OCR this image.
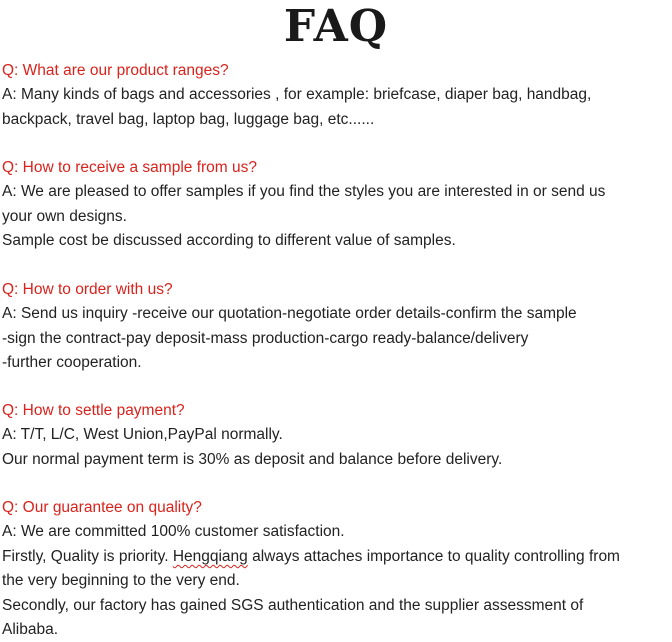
FAQ
Q: What are our product ranges?
A: Many kinds of bags and accessories , for example: briefcase, diaper bag, handbag,
backpack, travel bag, laptop bag, luggage bag, etc......
Q: How to receive a sample from us?
A: We are pleased to offer samples if you find the styles you are interested in or send us
your own designs.
Sample cost be discussed according to different value of samples.
Q: How to order with us?
A: Send us inquiry -receive our quotation-negotiate order details-confirm the sample
-sign the contract-pay deposit-mass production-cargo ready-balance/delivery
-further cooperation.
Q: How to settle payment?
A: T/T, L/C, West Union,PayPal normally.
Our normal payment term is 30% as deposit and balance before delivery.
Q: Our guarantee on quality?
A: We are committed 100% customer satisfaction.
Firstly, Quality is priority. Hengqiang always attaches importance to quality controlling from
the very beginning to the very end.
Secondly, our factory has gained SGS authentication and the supplier assessment of
Alibaba.
